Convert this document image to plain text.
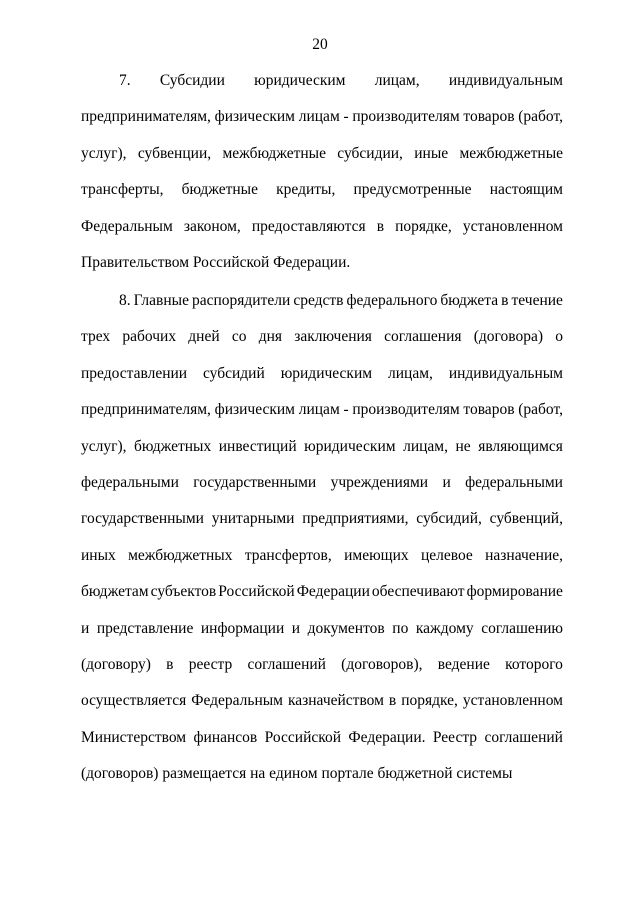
20
7. Субсидии юридическим лицам, индивидуальным
предпринимателям, физическим лицам - производителям товаров (работ,
услуг), субвенции, межбюджетные субсидии, иные межбюджетные
трансферты, бюджетные кредиты, предусмотренные настоящим
Федеральным законом, предоставляются в порядке, установленном
Правительством Российской Федерации.
8. Главные распорядители средств федерального бюджета в течение
трех рабочих дней со дня заключения соглашения (договора) о
предоставлении субсидий юридическим лицам, индивидуальным
предпринимателям, физическим лицам - производителям товаров (работ,
услуг), бюджетных инвестиций юридическим лицам, не являющимся
федеральными государственными учреждениями и федеральными
государственными унитарными предприятиями, субсидий, субвенций,
иных межбюджетных трансфертов, имеющих целевое назначение,
бюджетам субъектов Российской Федерации обеспечивают формирование
и представление информации и документов по каждому соглашению
(договору) в реестр соглашений (договоров), ведение которого
осуществляется Федеральным казначейством в порядке, установленном
Министерством финансов Российской Федерации. Реестр соглашений
(договоров) размещается на едином портале бюджетной системы
